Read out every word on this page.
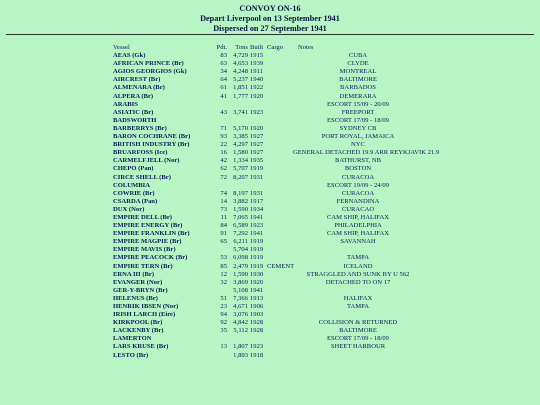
CONVOY ON-16
Depart Liverpool on 13 September 1941
Dispersed on 27 September 1941
Vessel	Pdt.	Tons Built Cargo Notes
AEAS (Gk)	83 4,729 1915	CUBA
AFRICAN PRINCE (Br)	63 4,653 1939	CLYDE
AGIOS GEORGIOS (Gk)	34 4,248 1911	MONTREAL
AIRCREST (Br)	64 5,237 1940	BALTIMORE
ALMENARA (Br)	61 1,851 1922	BARBADOS
ALPERA (Br)	41 1,777 1920	DEMERARA
ARABIS	ESCORT 15/09 - 20/09
ASIATIC (Br)	43 3,741 1923	FREEPORT
BADSWORTH	ESCORT 17/09 - 18/09
BARBERRYS (Br)	71 5,170 1920	SYDNEY CB
BARON COCHRANE (Br)	93 3,385 1927	PORT ROYAL, JAMAICA
BRITISH INDUSTRY (Br)	22 4,297 1927	NYC
BRUARFOSS (Ice)	16 1,580 1927	GENERAL DETACHED 19.9 ARR REYKJAVIK 21.9
CARMELFJELL (Nor)	42 1,334 1935	BATHURST, NB
CHEPO (Pan)	62 5,707 1919	BOSTON
CIRCE SHELL (Br)	72 8,207 1931	CURACOA
COLUMBIA	ESCORT 19/09 - 24/09
COWRIE (Br)	74 8,197 1931	CURACOA
CSARDA (Pan)	14 3,882 1917	FERNANDINA
DUX (Nor)	73 1,590 1934	CURACAO
EMPIRE DELL (Br)	11 7,065 1941	CAM SHIP, HALIFAX
EMPIRE ENERGY (Br)	84 6,589 1923	PHILADELPHIA
EMPIRE FRANKLIN (Br)	91 7,292 1941	CAM SHIP, HALIFAX
EMPIRE MAGPIE (Br)	65 6,211 1919	SAVANNAH
EMPIRE MAVIS (Br)	5,704 1919
EMPIRE PEACOCK (Br)	53 6,098 1919	TAMPA
EMPIRE TERN (Br)	85 2,479 1919 CEMENT	ICELAND
ERNA III (Br)	12 1,590 1930	STRAGGLED AND SUNK BY U 562
EVANGER (Nor)	32 3,869 1920	DETACHED TO ON 17
GER-Y-BRYN (Br)	5,108 1941
HELENUS (Br)	51 7,366 1913	HALIFAX
HENRIK IBSEN (Nor)	23 4,671 1906	TAMPA
IRISH LARCH (Eire)	94 3,076 1903
KIRKPOOL (Br)	92 4,842 1928	COLLISION & RETURNED
LACKENBY (Br)	35 5,112 1928	BALTIMORE
LAMERTON	ESCORT 17/09 - 18/09
LARS KRUSE (Br)	13 1,807 1923	SHEET HARBOUR
LESTO (Br)	1,893 1918
